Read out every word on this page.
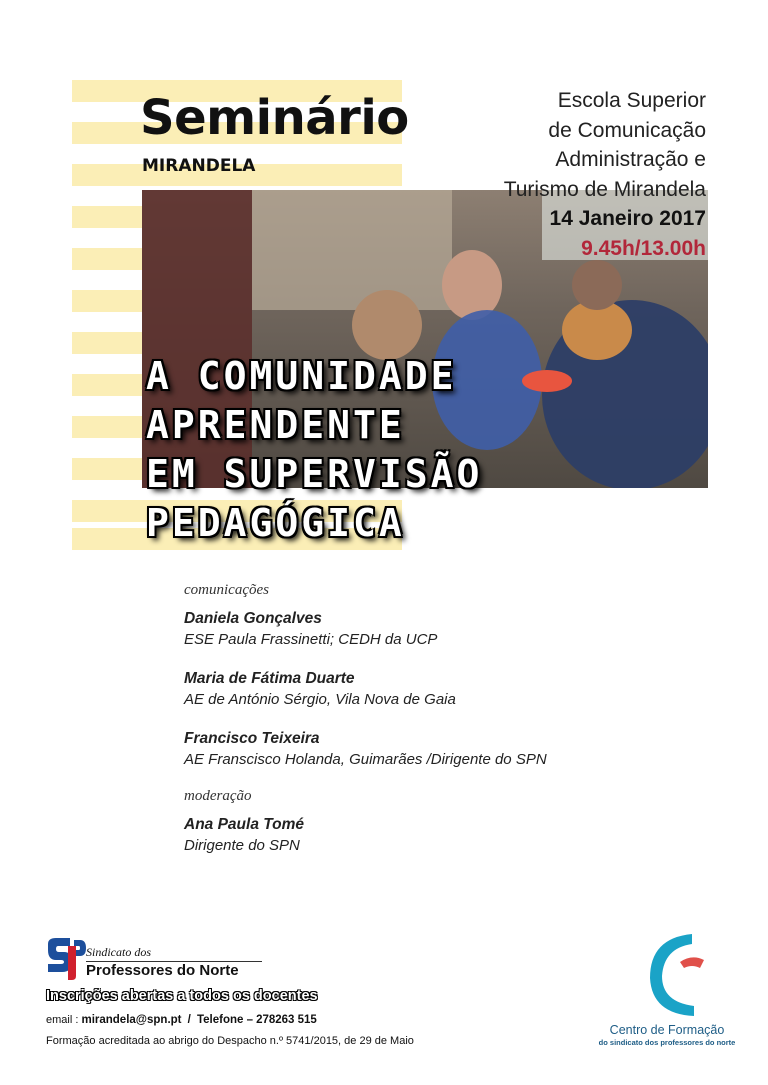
Seminário
MIRANDELA
Escola Superior
de Comunicação
Administração e
Turismo de Mirandela
14 Janeiro 2017
9.45h/13.00h
A COMUNIDADE
APRENDENTE
EM SUPERVISÃO
PEDAGÓGICA
comunicações
Daniela Gonçalves
ESE Paula Frassinetti; CEDH da UCP
Maria de Fátima Duarte
AE de António Sérgio, Vila Nova de Gaia
Francisco Teixeira
AE Franscisco Holanda, Guimarães /Dirigente do SPN
moderação
Ana Paula Tomé
Dirigente do SPN
Sindicato dos
Professores do Norte
Inscrições abertas a todos os docentes
email : mirandela@spn.pt / Telefone – 278263 515
Formação acreditada ao abrigo do Despacho n.º 5741/2015, de 29 de Maio
Centro de Formação
do sindicato dos professores do norte
